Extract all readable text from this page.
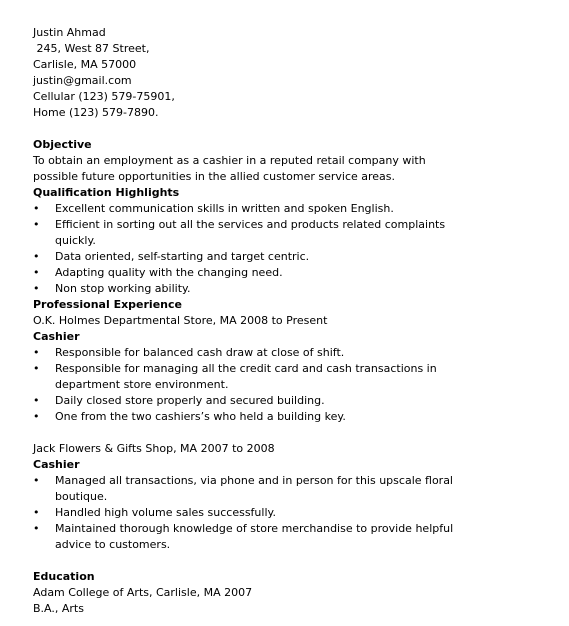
Justin Ahmad
245, West 87 Street,
Carlisle, MA 57000
justin@gmail.com
Cellular (123) 579-75901,
Home (123) 579-7890.
Objective
To obtain an employment as a cashier in a reputed retail company with possible future opportunities in the allied customer service areas.
Qualification Highlights
•	Excellent communication skills in written and spoken English.
•	Efficient in sorting out all the services and products related complaints quickly.
•	Data oriented, self-starting and target centric.
•	Adapting quality with the changing need.
•	Non stop working ability.
Professional Experience
O.K. Holmes Departmental Store, MA 2008 to Present
Cashier
•	Responsible for balanced cash draw at close of shift.
•	Responsible for managing all the credit card and cash transactions in department store environment.
•	Daily closed store properly and secured building.
•	One from the two cashiers’s who held a building key.
Jack Flowers & Gifts Shop, MA 2007 to 2008
Cashier
•	Managed all transactions, via phone and in person for this upscale floral boutique.
•	Handled high volume sales successfully.
•	Maintained thorough knowledge of store merchandise to provide helpful advice to customers.
Education
Adam College of Arts, Carlisle, MA 2007
B.A., Arts
